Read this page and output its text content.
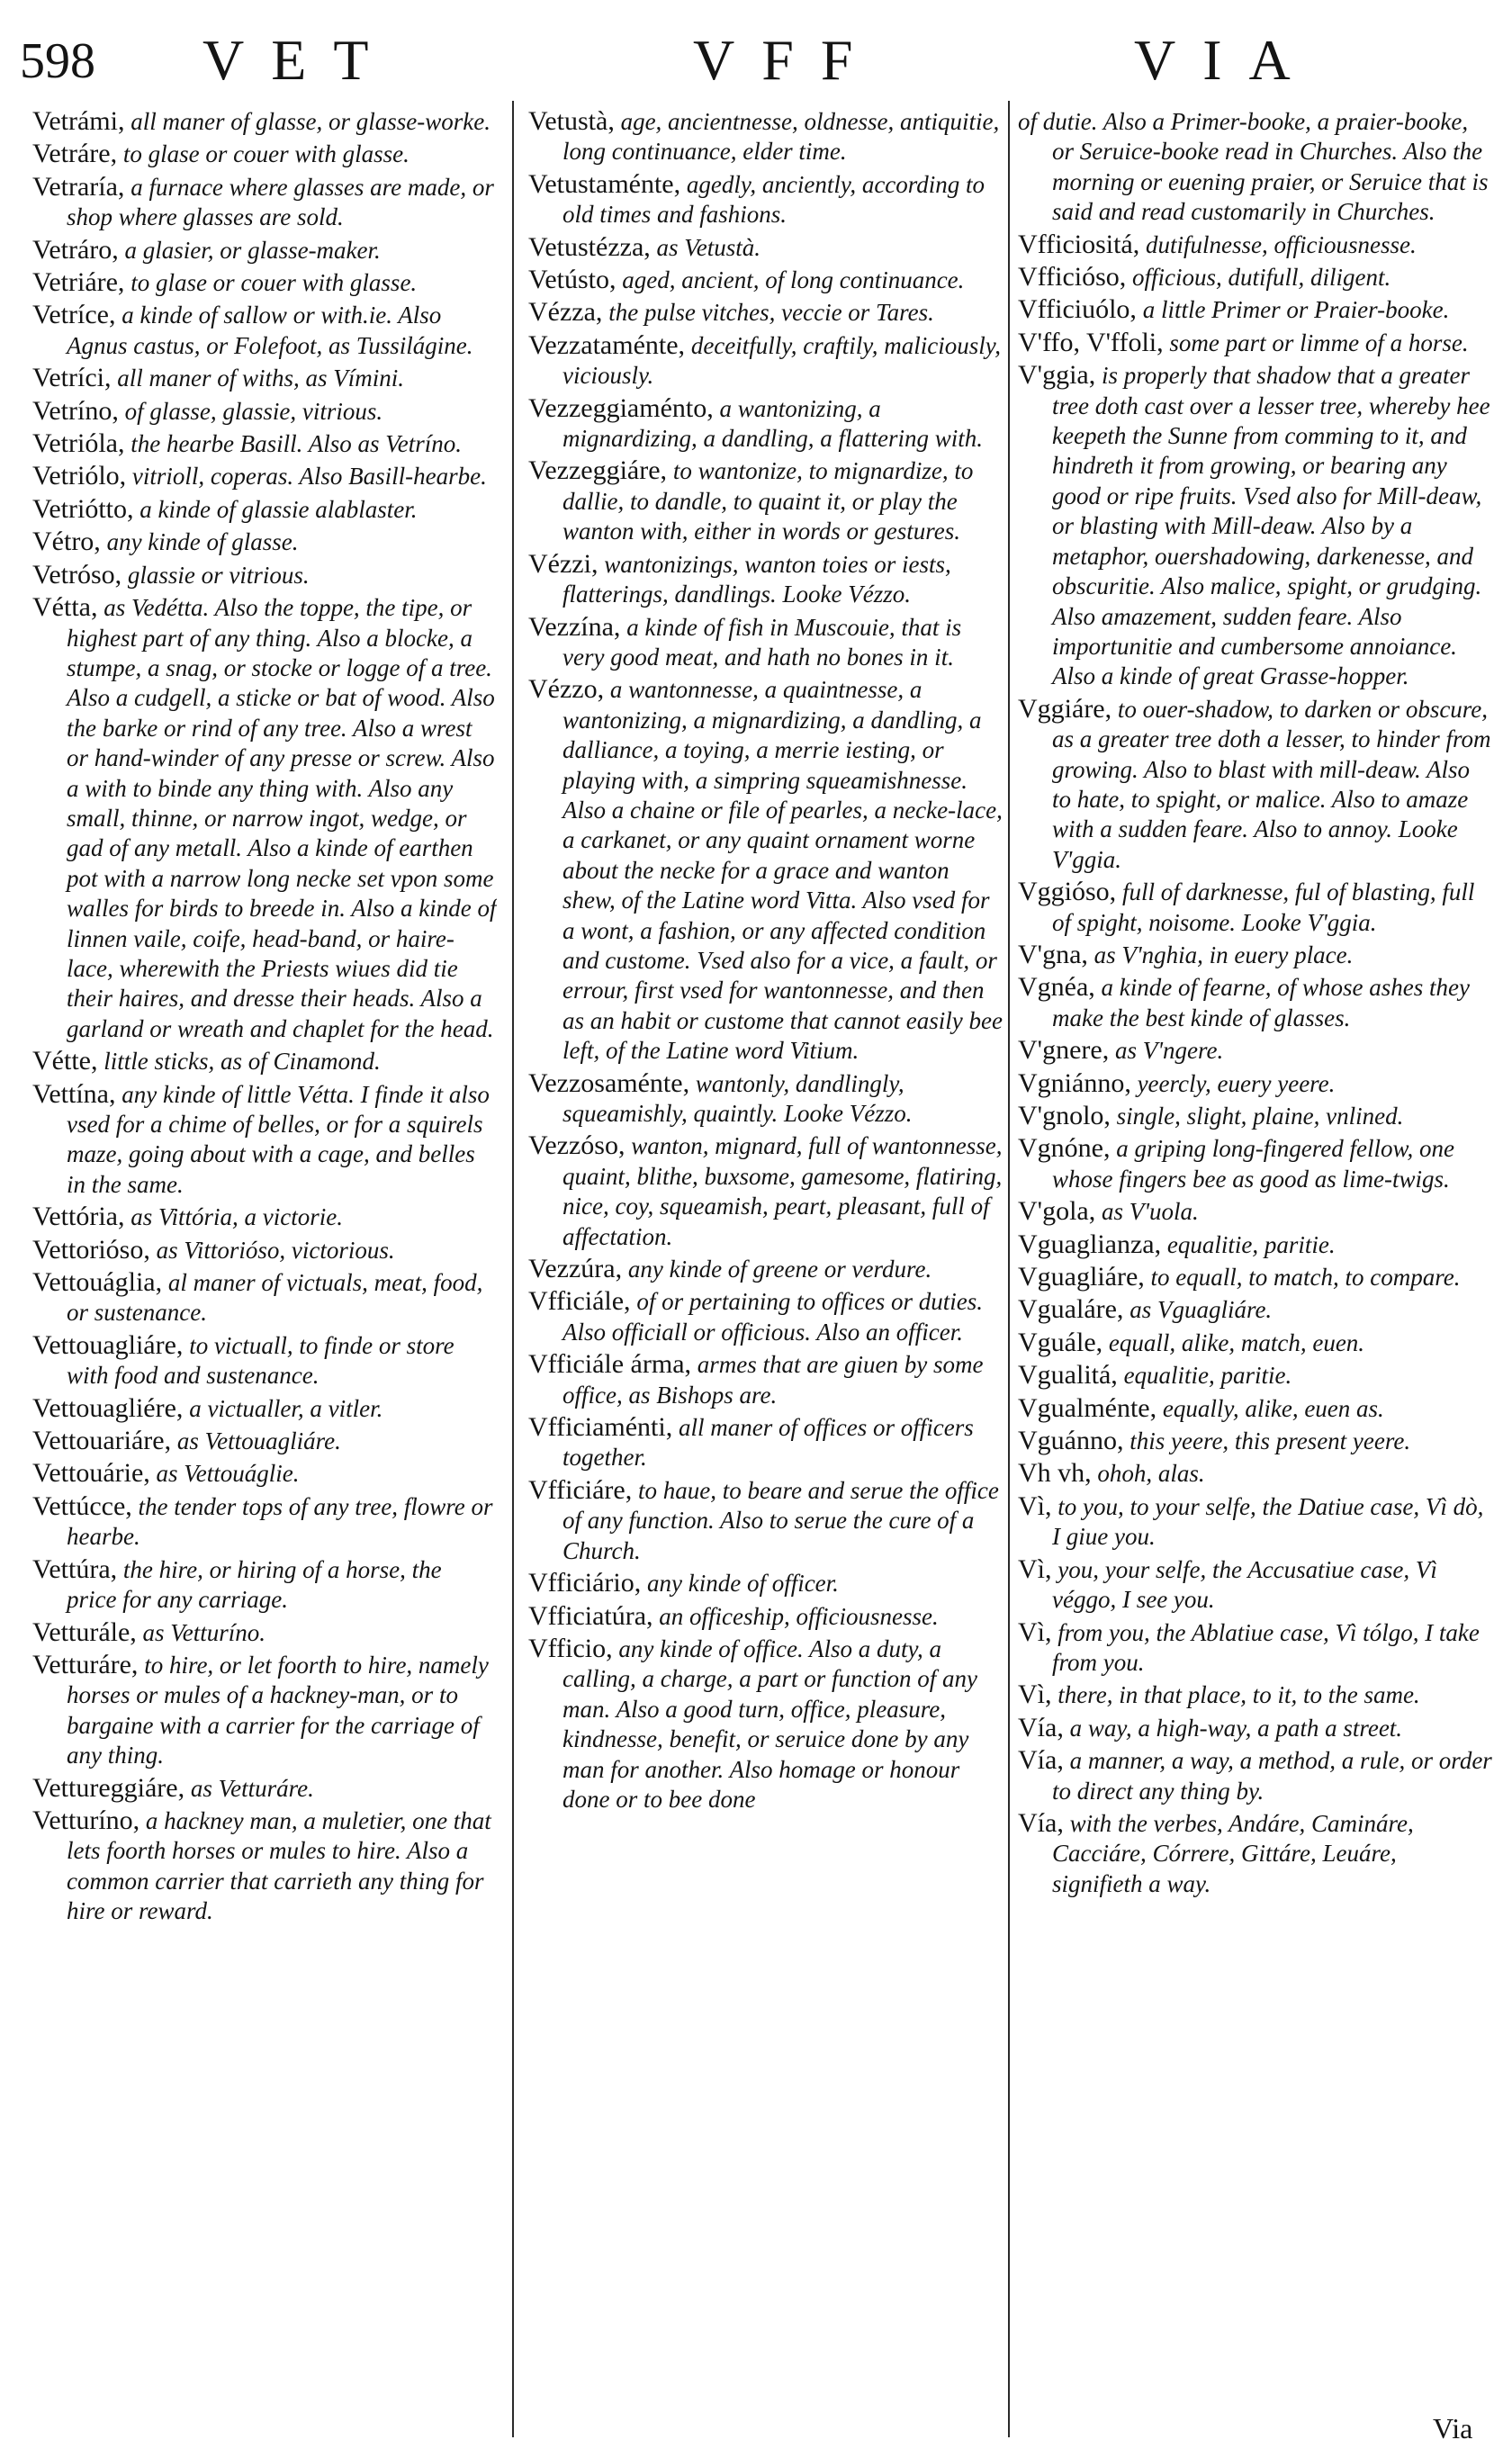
598 VET	VFF	VIA
Vetrámi, all maner of glasse, or glasse-worke.
Vetráre, to glase or couer with glasse.
Vetraría, a furnace where glasses are made, or shop where glasses are sold.
Vetráro, a glasier, or glasse-maker.
Vetriáre, to glase or couer with glasse.
Vetríce, a kinde of sallow or with.ie. Also Agnus castus, or Folefoot, as Tussilágine.
Vetríci, all maner of withs, as Vímini.
Vetríno, of glasse, glassie, vitrious.
Vetrióla, the hearbe Basill. Also as Vetríno.
Vetriólo, vitrioll, coperas. Also Basill-hearbe.
Vetriótto, a kinde of glassie alablaster.
Vétro, any kinde of glasse.
Vetróso, glassie or vitrious.
Vétta, as Vedétta. Also the toppe, the tipe, or highest part of any thing. Also a blocke, a stumpe, a snag, or stocke or logge of a tree. Also a cudgell, a sticke or bat of wood. Also the barke or rind of any tree. Also a wrest or hand-winder of any presse or screw. Also a with to binde any thing with. Also any small, thinne, or narrow ingot, wedge, or gad of any metall. Also a kinde of earthen pot with a narrow long necke set vpon some walles for birds to breede in. Also a kinde of linnen vaile, coife, head-band, or haire-lace, wherewith the Priests wiues did tie their haires, and dresse their heads. Also a garland or wreath and chaplet for the head.
Vétte, little sticks, as of Cinamond.
Vettína, any kinde of little Vétta. I finde it also vsed for a chime of belles, or for a squirels maze, going about with a cage, and belles in the same.
Vettória, as Vittória, a victorie.
Vettorióso, as Vittorióso, victorious.
Vettouáglia, al maner of victuals, meat, food, or sustenance.
Vettouagliáre, to victuall, to finde or store with food and sustenance.
Vettouagliére, a victualler, a vitler.
Vettouariáre, as Vettouagliáre.
Vettouárie, as Vettouáglie.
Vettúcce, the tender tops of any tree, flowre or hearbe.
Vettúra, the hire, or hiring of a horse, the price for any carriage.
Vetturále, as Vetturíno.
Vetturáre, to hire, or let foorth to hire, namely horses or mules of a hackney-man, or to bargaine with a carrier for the carriage of any thing.
Vettureggiáre, as Vetturáre.
Vetturíno, a hackney man, a muletier, one that lets foorth horses or mules to hire. Also a common carrier that carrieth any thing for hire or reward.
Vetustà, age, ancientnesse, oldnesse, antiquitie, long continuance, elder time.
Vetustaménte, agedly, anciently, according to old times and fashions.
Vetustézza, as Vetustà.
Vetústo, aged, ancient, of long continuance.
Vézza, the pulse vitches, veccie or Tares.
Vezzataménte, deceitfully, craftily, maliciously, viciously.
Vezzeggiaménto, a wantonizing, a mignardizing, a dandling, a flattering with.
Vezzeggiáre, to wantonize, to mignardize, to dallie, to dandle, to quaint it, or play the wanton with, either in words or gestures.
Vézzi, wantonizings, wanton toies or iests, flatterings, dandlings. Looke Vézzo.
Vezzína, a kinde of fish in Muscouie, that is very good meat, and hath no bones in it.
Vézzo, a wantonnesse, a quaintnesse, a wantonizing, a mignardizing, a dandling, a dalliance, a toying, a merrie iesting, or playing with, a simpring squeamishnesse. Also a chaine or file of pearles, a necke-lace, a carkanet, or any quaint ornament worne about the necke for a grace and wanton shew, of the Latine word Vitta. Also vsed for a wont, a fashion, or any affected condition and custome. Vsed also for a vice, a fault, or errour, first vsed for wantonnesse, and then as an habit or custome that cannot easily bee left, of the Latine word Vitium.
Vezzosaménte, wantonly, dandlingly, squeamishly, quaintly. Looke Vézzo.
Vezzóso, wanton, mignard, full of wantonnesse, quaint, blithe, buxsome, gamesome, flatiring, nice, coy, squeamish, peart, pleasant, full of affectation.
Vezzúra, any kinde of greene or verdure.
Vfficiále, of or pertaining to offices or duties. Also officiall or officious. Also an officer.
Vfficiále árma, armes that are giuen by some office, as Bishops are.
Vfficiaménti, all maner of offices or officers together.
Vfficiáre, to haue, to beare and serue the office of any function. Also to serue the cure of a Church.
Vfficiário, any kinde of officer.
Vfficiatúra, an officeship, officiousnesse.
Vfficio, any kinde of office. Also a duty, a calling, a charge, a part or function of any man. Also a good turn, office, pleasure, kindnesse, benefit, or seruice done by any man for another. Also homage or honour done or to bee done
of dutie. Also a Primer-booke, a praier-booke, or Seruice-booke read in Churches. Also the morning or euening praier, or Seruice that is said and read customarily in Churches.
Vfficiositá, dutifulnesse, officiousnesse.
Vfficióso, officious, dutifull, diligent.
Vfficiuólo, a little Primer or Praier-booke.
V'ffo, V'ffoli, some part or limme of a horse.
V'ggia, is properly that shadow that a greater tree doth cast over a lesser tree, whereby hee keepeth the Sunne from comming to it, and hindreth it from growing, or bearing any good or ripe fruits. Vsed also for Mill-deaw, or blasting with Mill-deaw. Also by a metaphor, ouershadowing, darkenesse, and obscuritie. Also malice, spight, or grudging. Also amazement, sudden feare. Also importunitie and cumbersome annoiance. Also a kinde of great Grasse-hopper.
Vggiáre, to ouer-shadow, to darken or obscure, as a greater tree doth a lesser, to hinder from growing. Also to blast with mill-deaw. Also to hate, to spight, or malice. Also to amaze with a sudden feare. Also to annoy. Looke V'ggia.
Vggióso, full of darknesse, ful of blasting, full of spight, noisome. Looke V'ggia.
V'gna, as V'nghia, in euery place.
Vgnéa, a kinde of fearne, of whose ashes they make the best kinde of glasses.
V'gnere, as V'ngere.
Vgniánno, yeercly, euery yeere.
V'gnolo, single, slight, plaine, vnlined.
Vgnóne, a griping long-fingered fellow, one whose fingers bee as good as lime-twigs.
V'gola, as V'uola.
Vguaglianza, equalitie, paritie.
Vguagliáre, to equall, to match, to compare.
Vgualáre, as Vguagliáre.
Vguále, equall, alike, match, euen.
Vgualitá, equalitie, paritie.
Vgualménte, equally, alike, euen as.
Vguánno, this yeere, this present yeere.
Vh vh, ohoh, alas.
Vì, to you, to your selfe, the Datiue case, Vì dò, I giue you.
Vì, you, your selfe, the Accusatiue case, Vì véggo, I see you.
Vì, from you, the Ablatiue case, Vì tólgo, I take from you.
Vì, there, in that place, to it, to the same.
Vía, a way, a high-way, a path a street.
Vía, a manner, a way, a method, a rule, or order to direct any thing by.
Vía, with the verbes, Andáre, Camináre, Cacciáre, Córrere, Gittáre, Leuáre, signifieth a way.
Via
